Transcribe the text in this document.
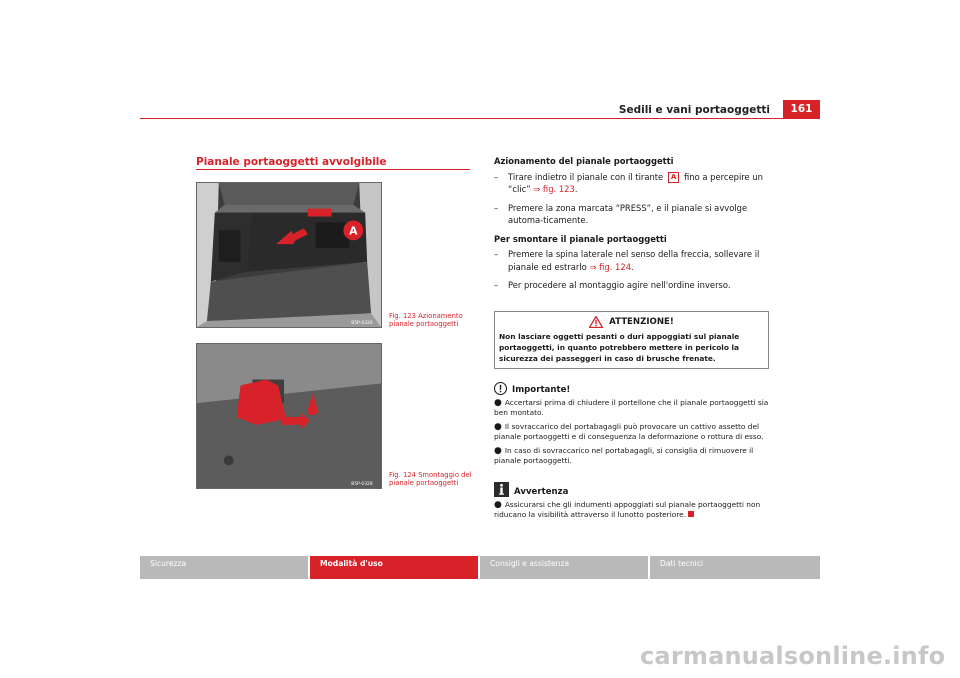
Sedili e vani portaoggetti	161
Pianale portaoggetti avvolgibile
A
B5P-0326
Fig. 123 Azionamento
pianale portaoggetti
B5P-0328
Fig. 124 Smontaggio del
pianale portaoggetti
Azionamento del pianale portaoggetti
– Tirare indietro il pianale con il tirante A fino a percepire un “clic” ⇒ fig. 123.
– Premere la zona marcata “PRESS”, e il pianale si avvolge automa-ticamente.
Per smontare il pianale portaoggetti
– Premere la spina laterale nel senso della freccia, sollevare il pianale ed estrarlo ⇒ fig. 124.
– Per procedere al montaggio agire nell'ordine inverso.
ATTENZIONE!
Non lasciare oggetti pesanti o duri appoggiati sul pianale portaoggetti, in quanto potrebbero mettere in pericolo la sicurezza dei passeggeri in caso di brusche frenate.
Importante!
● Accertarsi prima di chiudere il portellone che il pianale portaoggetti sia ben montato.
● Il sovraccarico del portabagagli può provocare un cattivo assetto del pianale portaoggetti e di conseguenza la deformazione o rottura di esso.
● In caso di sovraccarico nel portabagagli, si consiglia di rimuovere il pianale portaoggetti.
Avvertenza
● Assicurarsi che gli indumenti appoggiati sul pianale portaoggetti non riducano la visibilità attraverso il lunotto posteriore.
Sicurezza	Modalità d'uso	Consigli e assistenza	Dati tecnici
carmanualsonline.info
